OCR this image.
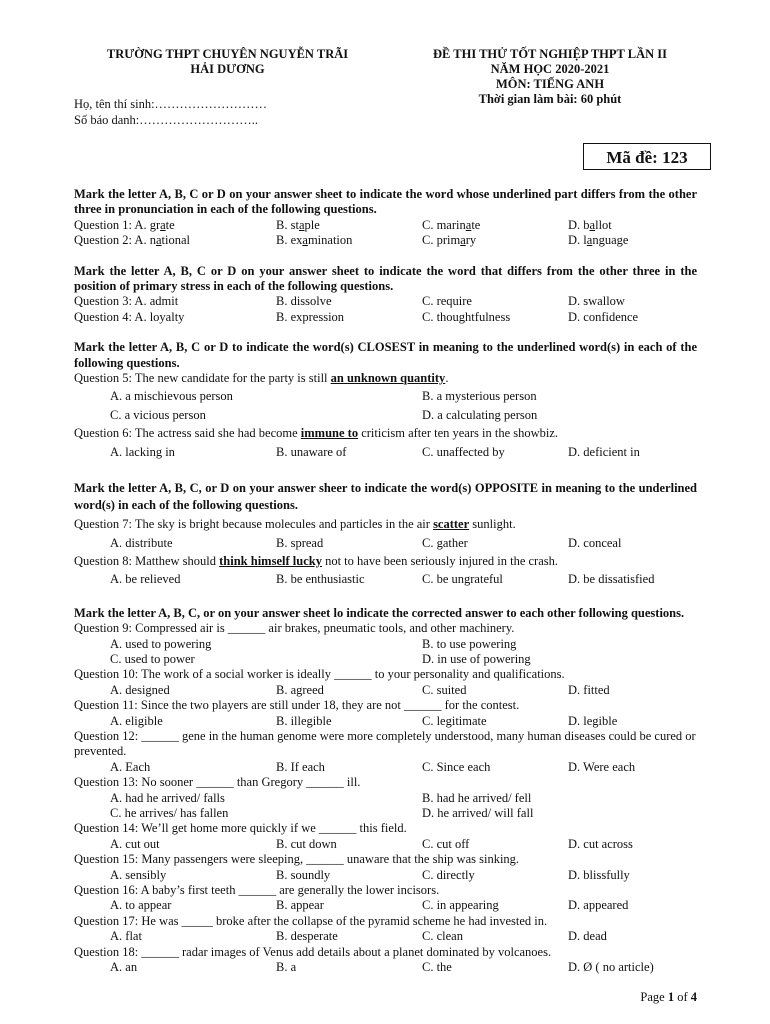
TRƯỜNG THPT CHUYÊN NGUYỄN TRÃI
HẢI DƯƠNG
ĐỀ THI THỬ TỐT NGHIỆP THPT LẦN II
NĂM HỌC 2020-2021
MÔN: TIẾNG ANH
Thời gian làm bài: 60 phút
Họ, tên thí sinh:………………………
Số báo danh:………………………..
Mã đề: 123
Mark the letter A, B, C or D on your answer sheet to indicate the word whose underlined part differs from the other three in pronunciation in each of the following questions.
Question 1: A. grate	B. staple	C. marinate	D. ballot
Question 2: A. national	B. examination	C. primary	D. language
Mark the letter A, B, C or D on your answer sheet to indicate the word that differs from the other three in the position of primary stress in each of the following questions.
Question 3: A. admit	B. dissolve	C. require	D. swallow
Question 4: A. loyalty	B. expression	C. thoughtfulness	D. confidence
Mark the letter A, B, C or D to indicate the word(s) CLOSEST in meaning to the underlined word(s) in each of the following questions.
Question 5: The new candidate for the party is still an unknown quantity.
A. a mischievous person	B. a mysterious person
C. a vicious person	D. a calculating person
Question 6: The actress said she had become immune to criticism after ten years in the showbiz.
A. lacking in	B. unaware of	C. unaffected by	D. deficient in
Mark the letter A, B, C, or D on your answer sheer to indicate the word(s) OPPOSITE in meaning to the underlined word(s) in each of the following questions.
Question 7: The sky is bright because molecules and particles in the air scatter sunlight.
A. distribute	B. spread	C. gather	D. conceal
Question 8: Matthew should think himself lucky not to have been seriously injured in the crash.
A. be relieved	B. be enthusiastic	C. be ungrateful	D. be dissatisfied
Mark the letter A, B, C, or on your answer sheet lo indicate the corrected answer to each other following questions.
Question 9: Compressed air is ______ air brakes, pneumatic tools, and other machinery.
A. used to powering	B. to use powering
C. used to power	D. in use of powering
Question 10: The work of a social worker is ideally ______ to your personality and qualifications.
A. designed	B. agreed	C. suited	D. fitted
Question 11: Since the two players are still under 18, they are not ______ for the contest.
A. eligible	B. illegible	C. legitimate	D. legible
Question 12: ______ gene in the human genome were more completely understood, many human diseases could be cured or prevented.
A. Each	B. If each	C. Since each	D. Were each
Question 13: No sooner ______ than Gregory ______ ill.
A. had he arrived/ falls	B. had he arrived/ fell
C. he arrives/ has fallen	D. he arrived/ will fall
Question 14: We’ll get home more quickly if we ______ this field.
A. cut out	B. cut down	C. cut off	D. cut across
Question 15: Many passengers were sleeping, ______ unaware that the ship was sinking.
A. sensibly	B. soundly	C. directly	D. blissfully
Question 16: A baby’s first teeth ______ are generally the lower incisors.
A. to appear	B. appear	C. in appearing	D. appeared
Question 17: He was _____ broke after the collapse of the pyramid scheme he had invested in.
A. flat	B. desperate	C. clean	D. dead
Question 18: ______ radar images of Venus add details about a planet dominated by volcanoes.
A. an	B. a	C. the	D. Ø ( no article)
Page 1 of 4
